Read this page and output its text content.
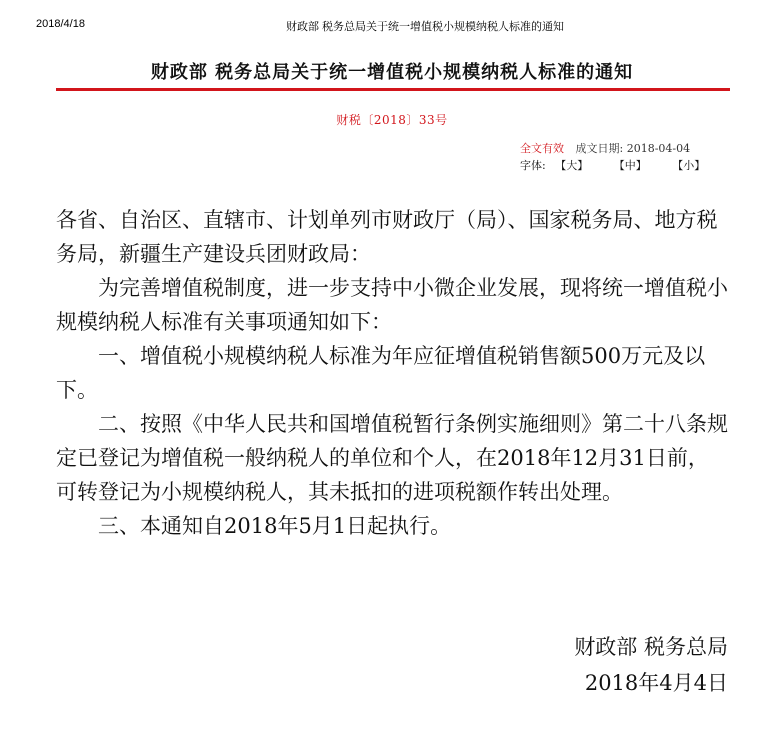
2018/4/18	财政部 税务总局关于统一增值税小规模纳税人标准的通知
财政部 税务总局关于统一增值税小规模纳税人标准的通知
财税〔2018〕33号
全文有效 成文日期: 2018-04-04
字体: 【大】 【中】 【小】

各省、自治区、直辖市、计划单列市财政厅（局）、国家税务局、地方税务局，新疆生产建设兵团财政局：

为完善增值税制度，进一步支持中小微企业发展，现将统一增值税小规模纳税人标准有关事项通知如下：

一、增值税小规模纳税人标准为年应征增值税销售额500万元及以下。

二、按照《中华人民共和国增值税暂行条例实施细则》第二十八条规定已登记为增值税一般纳税人的单位和个人，在2018年12月31日前，可转登记为小规模纳税人，其未抵扣的进项税额作转出处理。

三、本通知自2018年5月1日起执行。

财政部 税务总局
2018年4月4日
